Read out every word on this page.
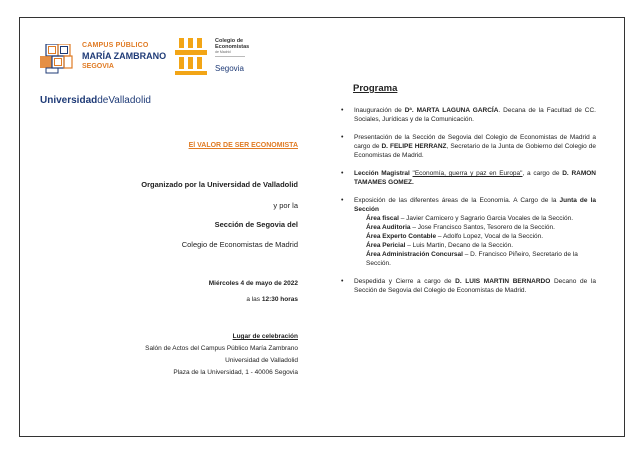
CAMPUS PÚBLICO
MARÍA ZAMBRANO
SEGOVIA
UniversidaddeValladolid
Colegio de
Economistas
de Madrid
Segovia
El VALOR DE SER ECONOMISTA
Organizado por la Universidad de Valladolid
y por la
Sección de Segovia del
Colegio de Economistas de Madrid
Miércoles 4 de mayo de 2022
a las 12:30 horas
Lugar de celebración
Salón de Actos del Campus Público María Zambrano
Universidad de Valladolid
Plaza de la Universidad, 1 - 40006 Segovia
Programa
• Inauguración de Dª. MARTA LAGUNA GARCÍA. Decana de la Facultad de CC. Sociales, Jurídicas y de la Comunicación.
• Presentación de la Sección de Segovia del Colegio de Economistas de Madrid a cargo de D. FELIPE HERRANZ, Secretario de la Junta de Gobierno del Colegio de Economistas de Madrid.
• Lección Magistral "Economía, guerra y paz en Europa", a cargo de D. RAMON TAMAMES GOMEZ.
• Exposición de las diferentes áreas de la Economía. A Cargo de la Junta de la Sección
Área fiscal – Javier Carnicero y Sagrario Garcia Vocales de la Sección.
Área Auditoria – Jose Francisco Santos, Tesorero de la Sección.
Área Experto Contable – Adolfo Lopez, Vocal de la Sección.
Área Pericial – Luis Martin, Decano de la Sección.
Área Administración Concursal – D. Francisco Piñeiro, Secretario de la Sección.
• Despedida y Cierre a cargo de D. LUIS MARTIN BERNARDO Decano de la Sección de Segovia del Colegio de Economistas de Madrid.
